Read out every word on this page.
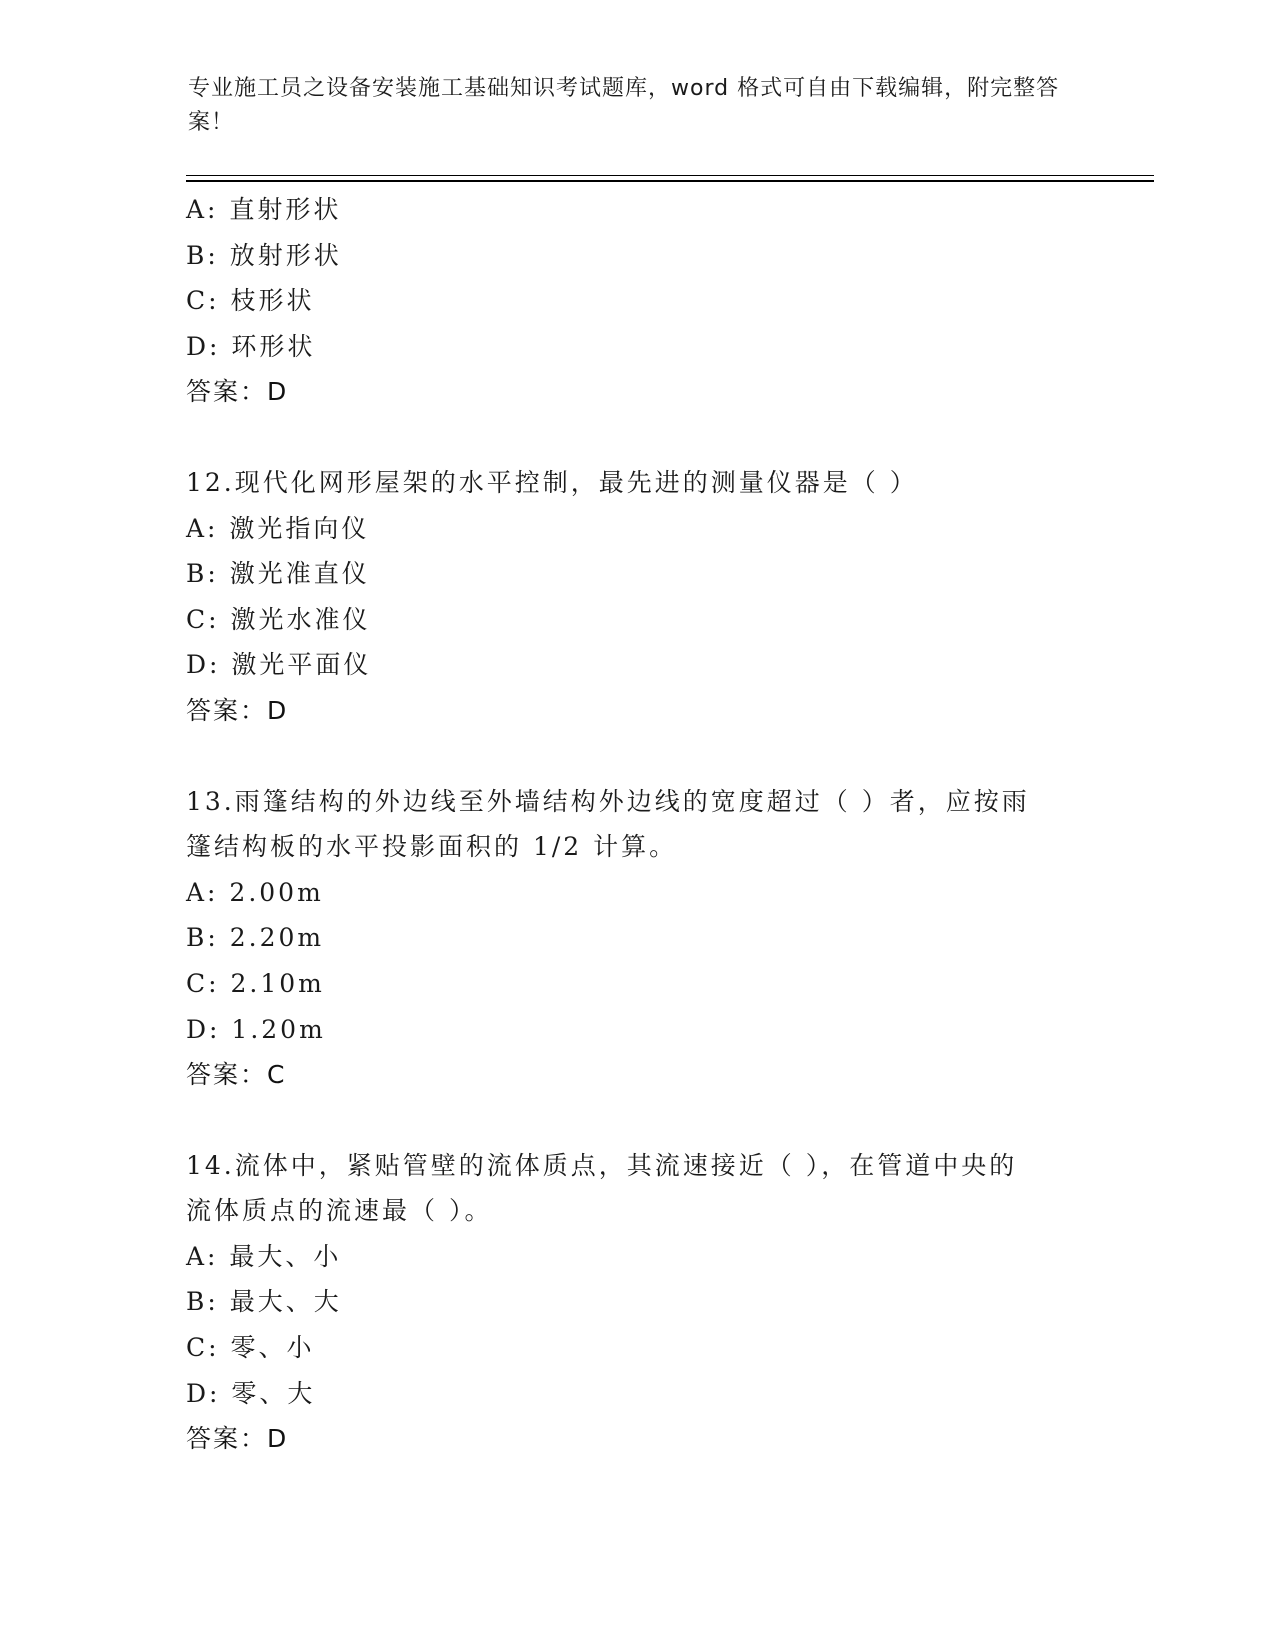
专业施工员之设备安装施工基础知识考试题库，word 格式可自由下载编辑，附完整答案！
A: 直射形状
B: 放射形状
C: 枝形状
D: 环形状
答案：D
12.现代化网形屋架的水平控制，最先进的测量仪器是（ ）
A: 激光指向仪
B: 激光准直仪
C: 激光水准仪
D: 激光平面仪
答案：D
13.雨篷结构的外边线至外墙结构外边线的宽度超过（ ）者，应按雨
篷结构板的水平投影面积的 1/2 计算。
A: 2.00m
B: 2.20m
C: 2.10m
D: 1.20m
答案：C
14.流体中，紧贴管壁的流体质点，其流速接近（ ），在管道中央的
流体质点的流速最（ ）。
A: 最大、小
B: 最大、大
C: 零、小
D: 零、大
答案：D
